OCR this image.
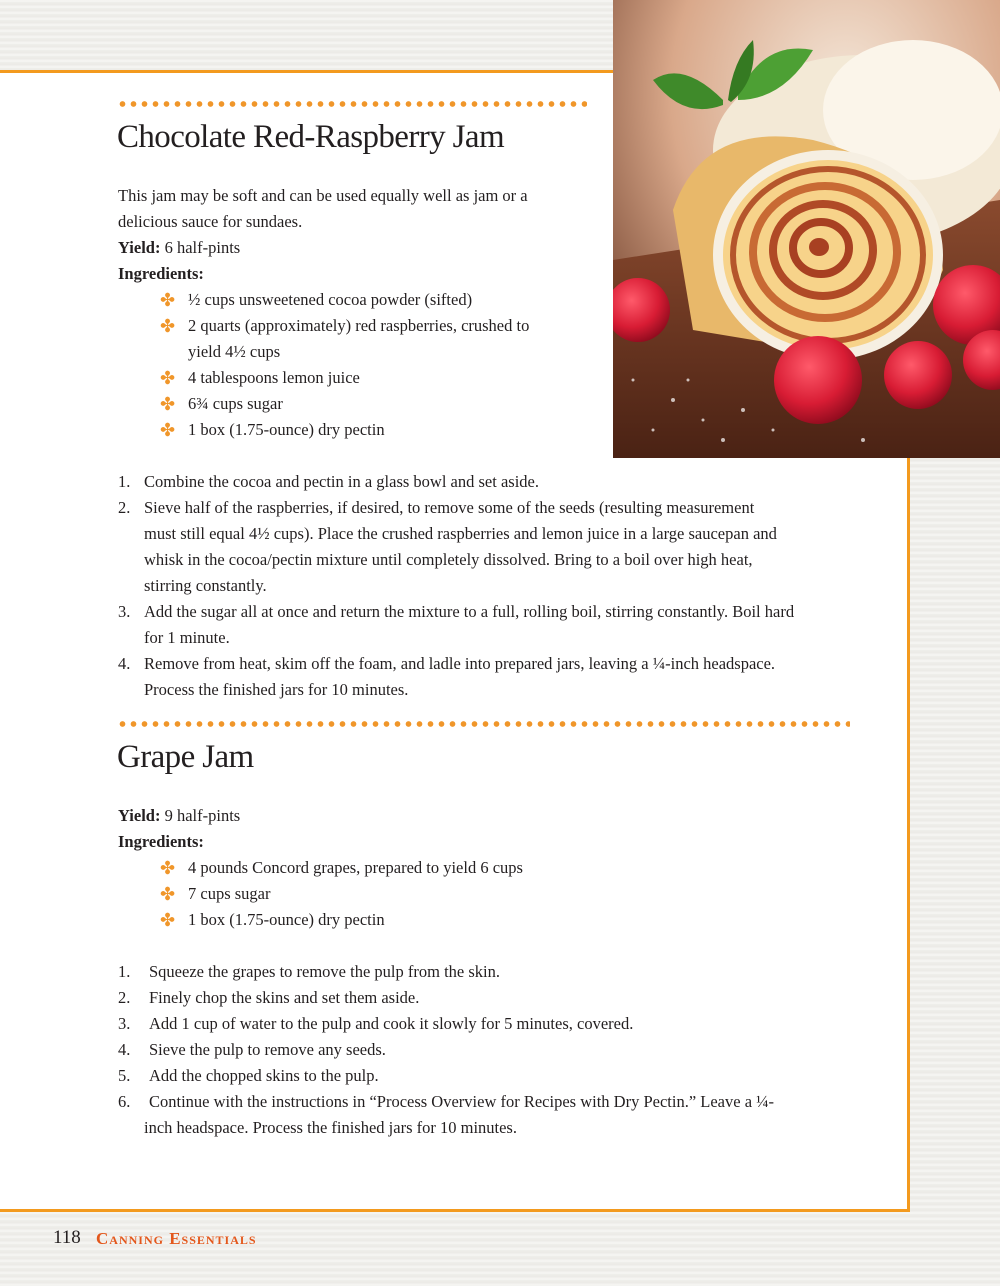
Chocolate Red-Raspberry Jam
This jam may be soft and can be used equally well as jam or a delicious sauce for sundaes.
Yield: 6 half-pints
Ingredients:
✤ ½ cups unsweetened cocoa powder (sifted)
✤ 2 quarts (approximately) red raspberries, crushed to
yield 4½ cups
✤ 4 tablespoons lemon juice
✤ 6¾ cups sugar
✤ 1 box (1.75-ounce) dry pectin
1. Combine the cocoa and pectin in a glass bowl and set aside.
2. Sieve half of the raspberries, if desired, to remove some of the seeds (resulting measurement
must still equal 4½ cups). Place the crushed raspberries and lemon juice in a large saucepan and
whisk in the cocoa/pectin mixture until completely dissolved. Bring to a boil over high heat,
stirring constantly.
3. Add the sugar all at once and return the mixture to a full, rolling boil, stirring constantly. Boil hard
for 1 minute.
4. Remove from heat, skim off the foam, and ladle into prepared jars, leaving a ¼-inch headspace.
Process the finished jars for 10 minutes.
Grape Jam
Yield: 9 half-pints
Ingredients:
✤ 4 pounds Concord grapes, prepared to yield 6 cups
✤ 7 cups sugar
✤ 1 box (1.75-ounce) dry pectin
1. Squeeze the grapes to remove the pulp from the skin.
2. Finely chop the skins and set them aside.
3. Add 1 cup of water to the pulp and cook it slowly for 5 minutes, covered.
4. Sieve the pulp to remove any seeds.
5. Add the chopped skins to the pulp.
6. Continue with the instructions in “Process Overview for Recipes with Dry Pectin.” Leave a ¼-
inch headspace. Process the finished jars for 10 minutes.
118 Canning Essentials
